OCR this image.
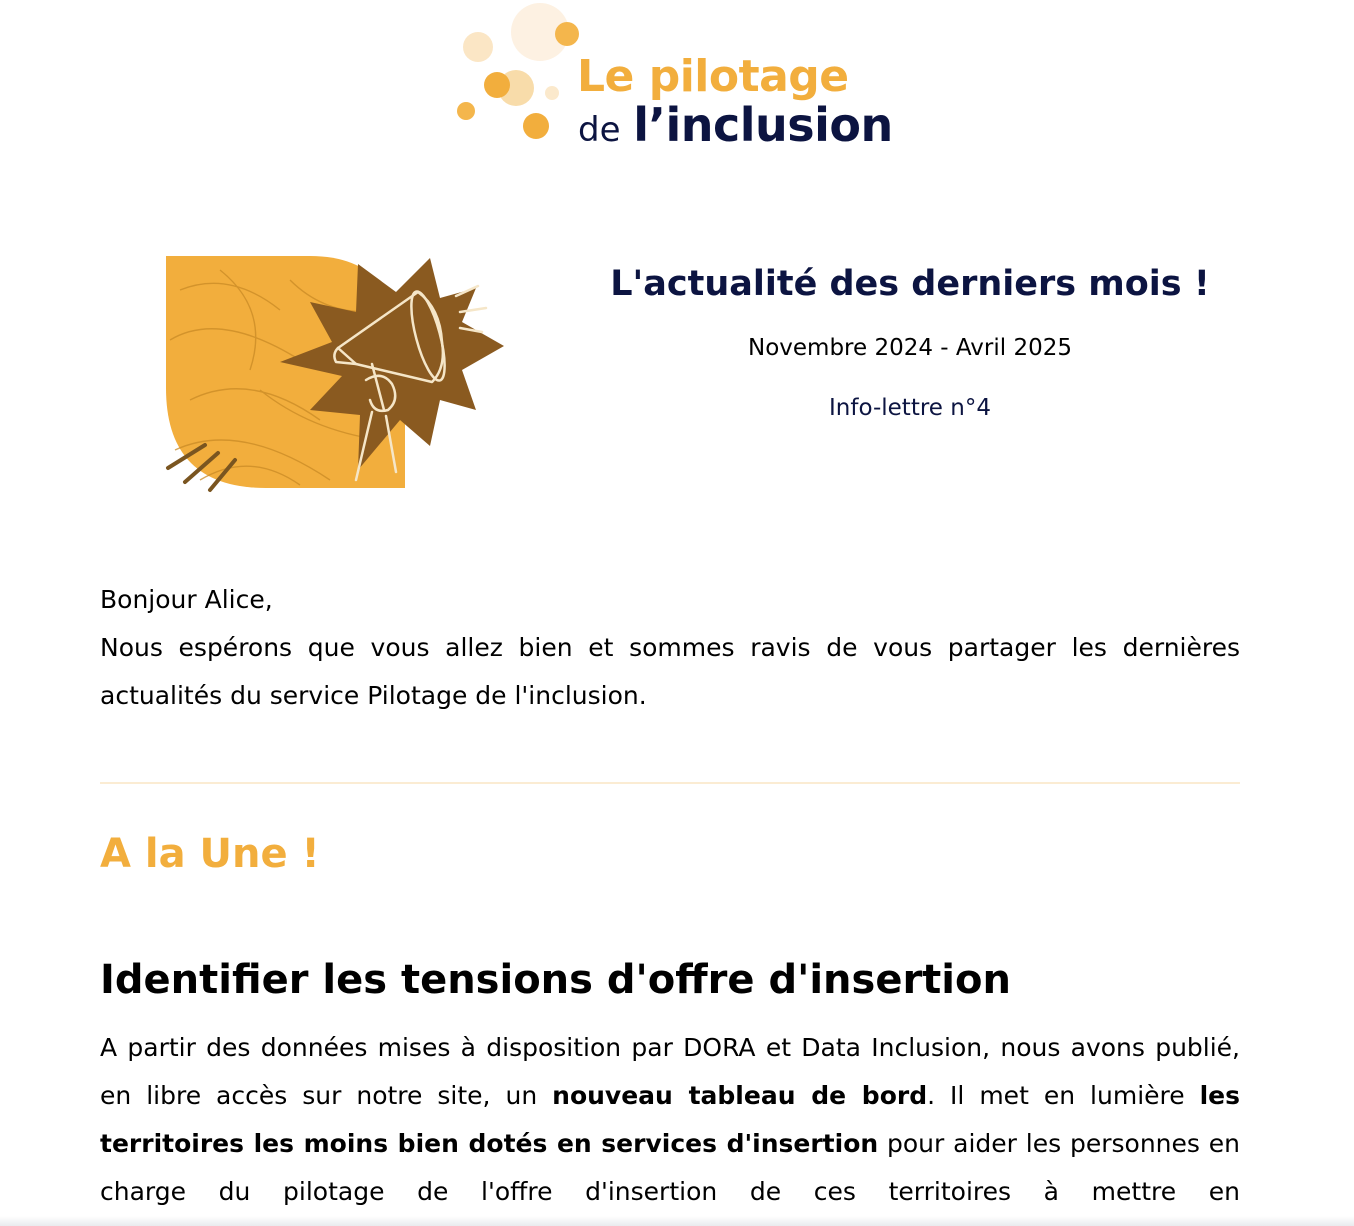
Le pilotage
de l’inclusion
L'actualité des derniers mois !
Novembre 2024 - Avril 2025
Info-lettre n°4

Bonjour Alice,

Nous espérons que vous allez bien et sommes ravis de vous partager les dernières actualités du service Pilotage de l'inclusion.

A la Une !
Identifier les tensions d'offre d'insertion

A partir des données mises à disposition par DORA et Data Inclusion, nous avons publié, en libre accès sur notre site, un nouveau tableau de bord. Il met en lumière les territoires les moins bien dotés en services d'insertion pour aider les personnes en charge du pilotage de l'offre d'insertion de ces territoires à mettre en
